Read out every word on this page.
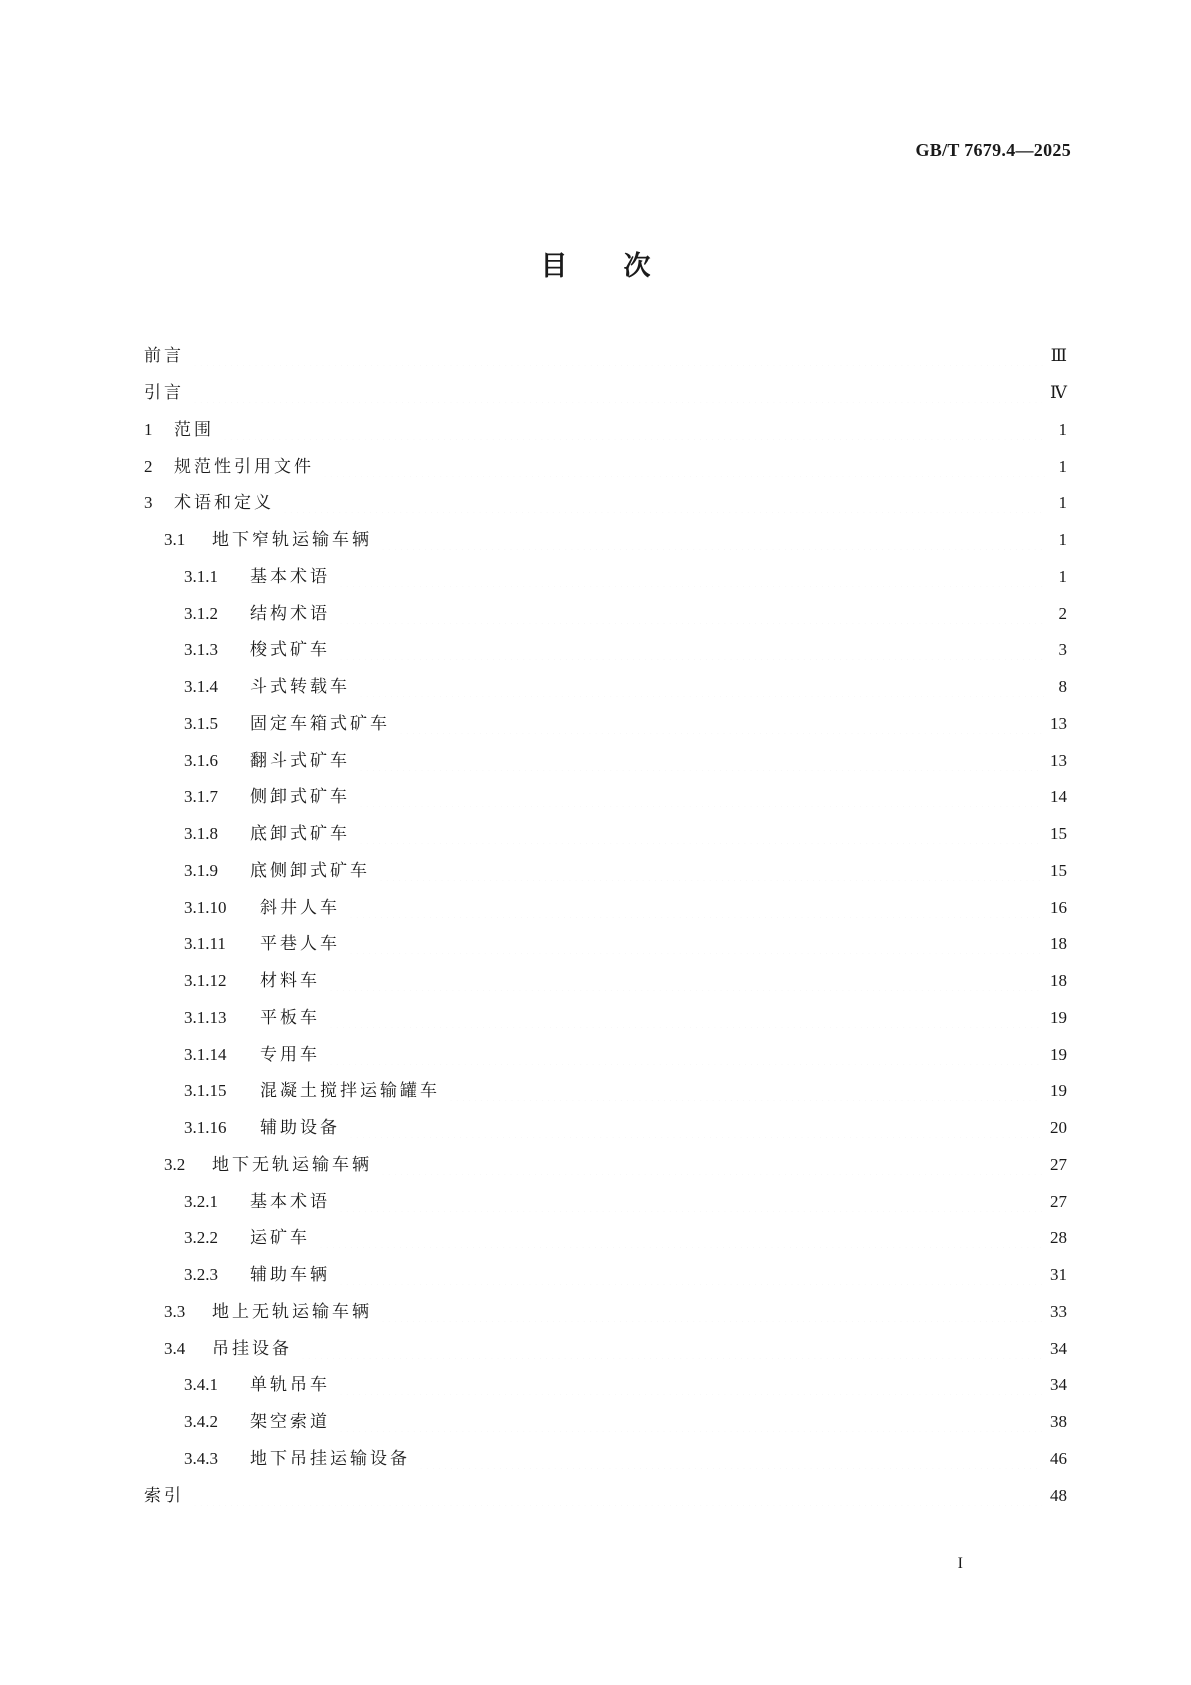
GB/T 7679.4—2025
目次
前言	Ⅲ
引言	Ⅳ
1	范围	1
2	规范性引用文件	1
3	术语和定义	1
3.1	地下窄轨运输车辆	1
3.1.1	基本术语	1
3.1.2	结构术语	2
3.1.3	梭式矿车	3
3.1.4	斗式转载车	8
3.1.5	固定车箱式矿车	13
3.1.6	翻斗式矿车	13
3.1.7	侧卸式矿车	14
3.1.8	底卸式矿车	15
3.1.9	底侧卸式矿车	15
3.1.10	斜井人车	16
3.1.11	平巷人车	18
3.1.12	材料车	18
3.1.13	平板车	19
3.1.14	专用车	19
3.1.15	混凝土搅拌运输罐车	19
3.1.16	辅助设备	20
3.2	地下无轨运输车辆	27
3.2.1	基本术语	27
3.2.2	运矿车	28
3.2.3	辅助车辆	31
3.3	地上无轨运输车辆	33
3.4	吊挂设备	34
3.4.1	单轨吊车	34
3.4.2	架空索道	38
3.4.3	地下吊挂运输设备	46
索引	48
I
